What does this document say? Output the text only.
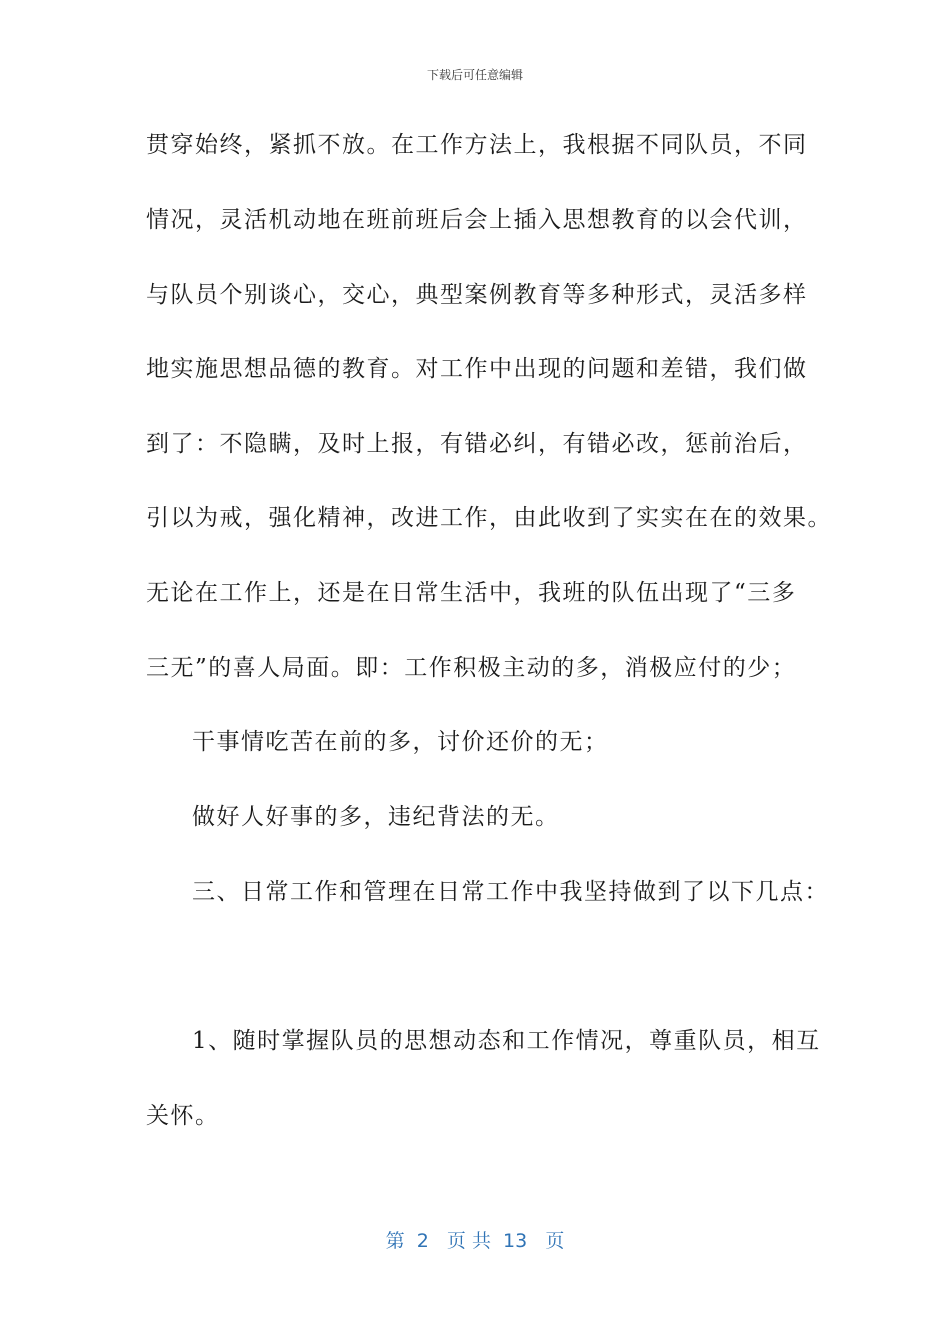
下载后可任意编辑
贯穿始终，紧抓不放。在工作方法上，我根据不同队员，不同
情况，灵活机动地在班前班后会上插入思想教育的以会代训，
与队员个别谈心，交心，典型案例教育等多种形式，灵活多样
地实施思想品德的教育。对工作中出现的问题和差错，我们做
到了：不隐瞒，及时上报，有错必纠，有错必改，惩前治后，
引以为戒，强化精神，改进工作，由此收到了实实在在的效果。
无论在工作上，还是在日常生活中，我班的队伍出现了“三多
三无”的喜人局面。即：工作积极主动的多，消极应付的少；
干事情吃苦在前的多，讨价还价的无；
做好人好事的多，违纪背法的无。
三、日常工作和管理在日常工作中我坚持做到了以下几点：
1、随时掌握队员的思想动态和工作情况，尊重队员，相互
关怀。
第  2   页 共  13   页
